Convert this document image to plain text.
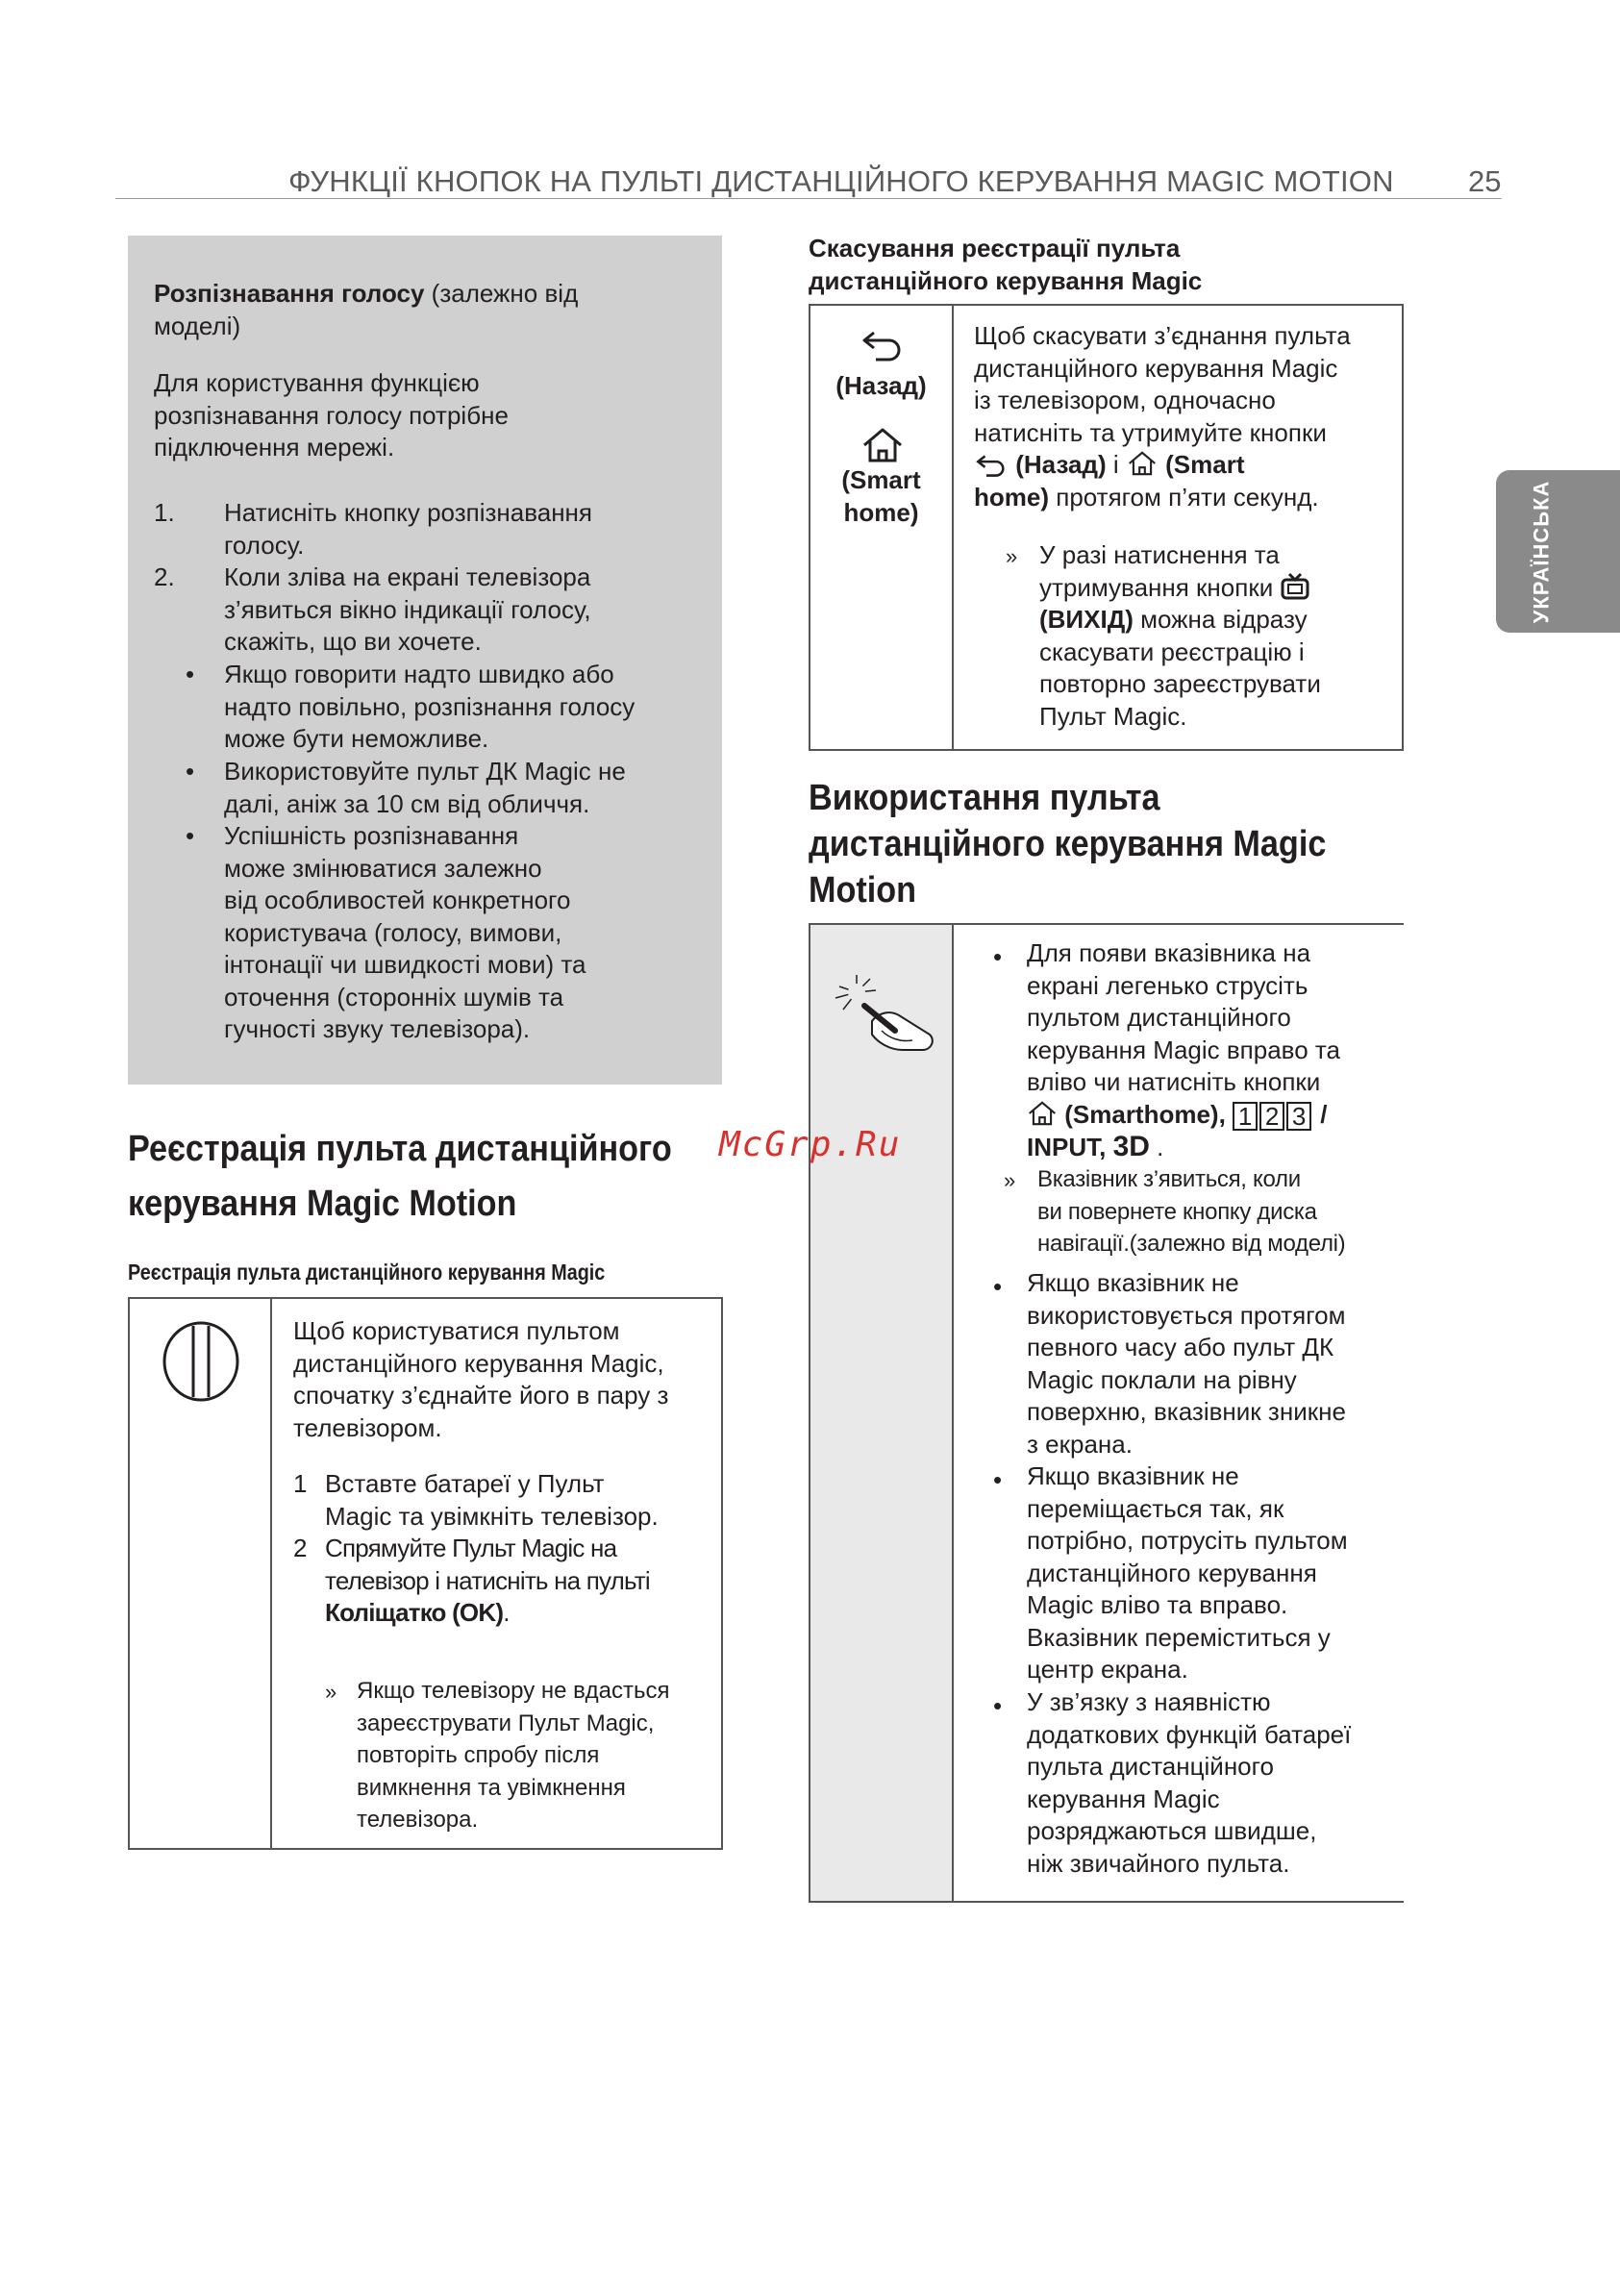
ФУНКЦІЇ КНОПОК НА ПУЛЬТІ ДИСТАНЦІЙНОГО КЕРУВАННЯ MAGIC MOTION 25
УКРАЇНСЬКА
Розпізнавання голосу (залежно від
моделі)
Для користування функцією
розпізнавання голосу потрібне
підключення мережі.
1.	Натисніть кнопку розпізнавання
голосу.
2.	Коли зліва на екрані телевізора
з’явиться вікно індикації голосу,
скажіть, що ви хочете.
•	Якщо говорити надто швидко або
надто повільно, розпізнання голосу
може бути неможливе.
•	Використовуйте пульт ДК Magic не
далі, аніж за 10 см від обличчя.
•	Успішність розпізнавання
може змінюватися залежно
від особливостей конкретного
користувача (голосу, вимови,
інтонації чи швидкості мови) та
оточення (сторонніх шумів та
гучності звуку телевізора).
Реєстрація пульта дистанційного
керування Magic Motion
Реєстрація пульта дистанційного керування Magic
Щоб користуватися пультом
дистанційного керування Magic,
спочатку з’єднайте його в пару з
телевізором.
1 Вставте батареї у Пульт
Magic та увімкніть телевізор.
2 Спрямуйте Пульт Magic на
телевізор і натисніть на пульті
Коліщатко (OK).
» Якщо телевізору не вдасться
зареєструвати Пульт Magic,
повторіть спробу після
вимкнення та увімкнення
телевізора.
Скасування реєстрації пульта
дистанційного керування Magic
(Назад)
(Smart
home)
Щоб скасувати з’єднання пульта
дистанційного керування Magic
із телевізором, одночасно
натисніть та утримуйте кнопки
(Назад) і (Smart
home) протягом п’яти секунд.
» У разі натиснення та
утримування кнопки
(ВИХІД) можна відразу
скасувати реєстрацію і
повторно зареєструвати
Пульт Magic.
Використання пульта
дистанційного керування Magic
Motion
• Для появи вказівника на
екрані легенько струсіть
пультом дистанційного
керування Magic вправо та
вліво чи натисніть кнопки
(Smarthome), 1 2 3 /
INPUT, 3D .
» Вказівник з’явиться, коли
ви повернете кнопку диска
навігації.(залежно від моделі)
• Якщо вказівник не
використовується протягом
певного часу або пульт ДК
Magic поклали на рівну
поверхню, вказівник зникне
з екрана.
• Якщо вказівник не
переміщається так, як
потрібно, потрусіть пультом
дистанційного керування
Magic вліво та вправо.
Вказівник переміститься у
центр екрана.
• У зв’язку з наявністю
додаткових функцій батареї
пульта дистанційного
керування Magic
розряджаються швидше,
ніж звичайного пульта.
McGrp.Ru
